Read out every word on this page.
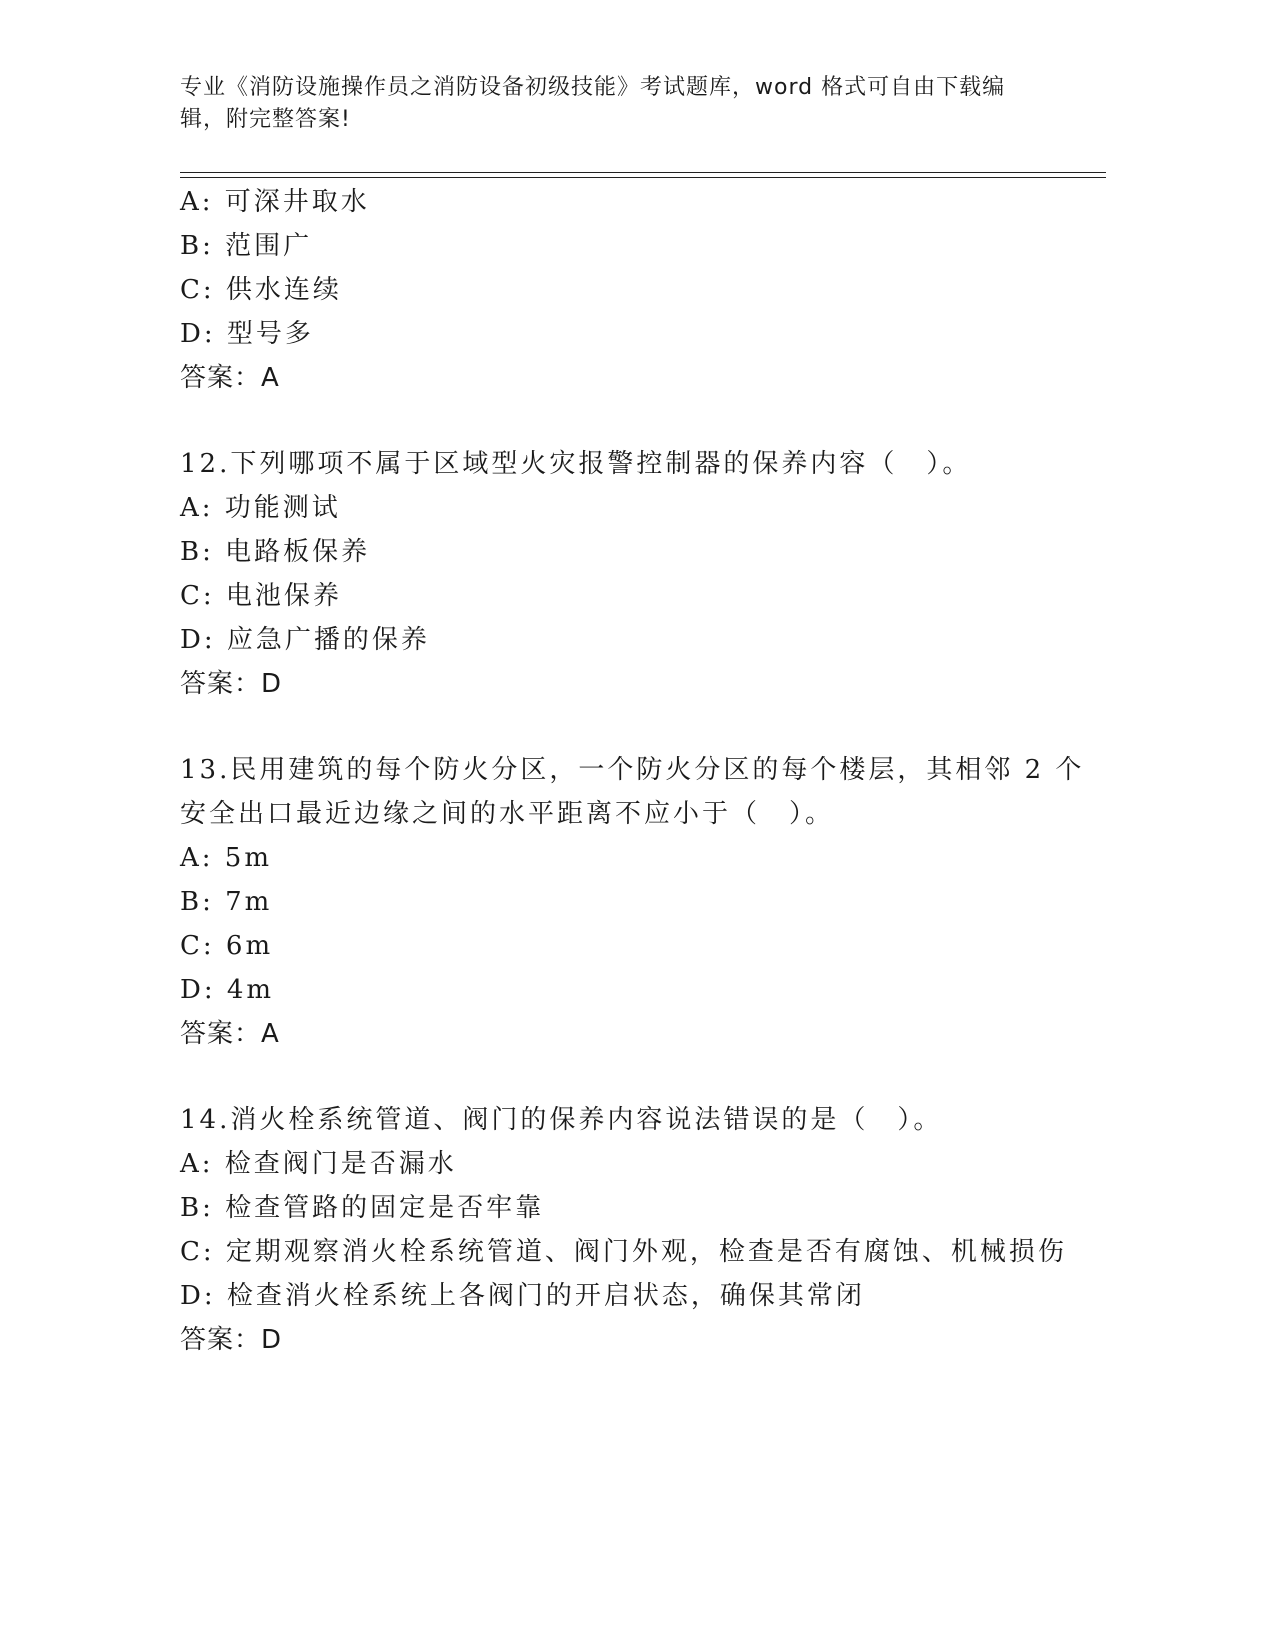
专业《消防设施操作员之消防设备初级技能》考试题库，word 格式可自由下载编
辑，附完整答案!
A: 可深井取水
B: 范围广
C: 供水连续
D: 型号多
答案：A
12.下列哪项不属于区域型火灾报警控制器的保养内容（　）。
A: 功能测试
B: 电路板保养
C: 电池保养
D: 应急广播的保养
答案：D
13.民用建筑的每个防火分区，一个防火分区的每个楼层，其相邻 2 个
安全出口最近边缘之间的水平距离不应小于（　）。
A: 5m
B: 7m
C: 6m
D: 4m
答案：A
14.消火栓系统管道、阀门的保养内容说法错误的是（　）。
A: 检查阀门是否漏水
B: 检查管路的固定是否牢靠
C: 定期观察消火栓系统管道、阀门外观，检查是否有腐蚀、机械损伤
D: 检查消火栓系统上各阀门的开启状态，确保其常闭
答案：D
